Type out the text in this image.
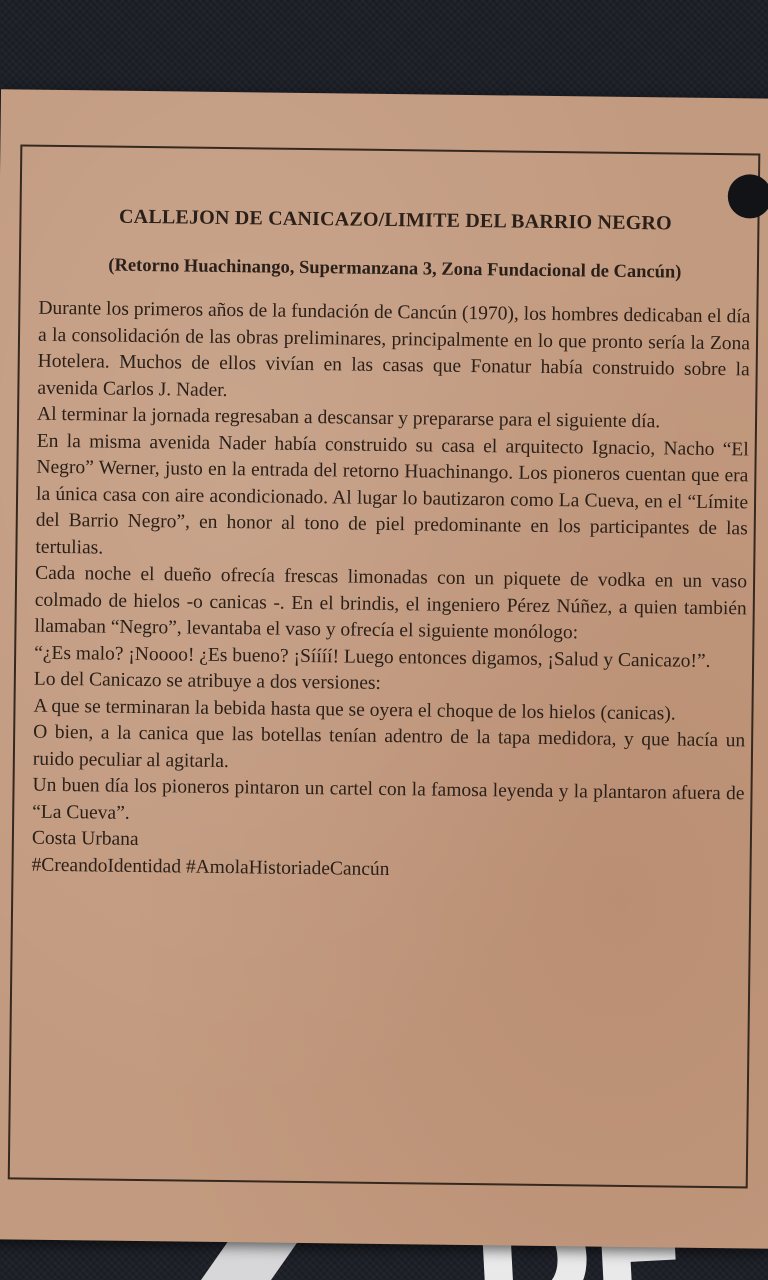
CALLEJON DE CANICAZO/LIMITE DEL BARRIO NEGRO
(Retorno Huachinango, Supermanzana 3, Zona Fundacional de Cancún)

Durante los primeros años de la fundación de Cancún (1970), los hombres dedicaban el día a la consolidación de las obras preliminares, principalmente en lo que pronto sería la Zona Hotelera. Muchos de ellos vivían en las casas que Fonatur había construido sobre la avenida Carlos J. Nader.

Al terminar la jornada regresaban a descansar y prepararse para el siguiente día.

En la misma avenida Nader había construido su casa el arquitecto Ignacio, Nacho “El Negro” Werner, justo en la entrada del retorno Huachinango. Los pioneros cuentan que era la única casa con aire acondicionado. Al lugar lo bautizaron como La Cueva, en el “Límite del Barrio Negro”, en honor al tono de piel predominante en los participantes de las tertulias.

Cada noche el dueño ofrecía frescas limonadas con un piquete de vodka en un vaso colmado de hielos -o canicas -. En el brindis, el ingeniero Pérez Núñez, a quien también llamaban “Negro”, levantaba el vaso y ofrecía el siguiente monólogo:

“¿Es malo? ¡Noooo! ¿Es bueno? ¡Síííí! Luego entonces digamos, ¡Salud y Canicazo!”.

Lo del Canicazo se atribuye a dos versiones:

A que se terminaran la bebida hasta que se oyera el choque de los hielos (canicas).

O bien, a la canica que las botellas tenían adentro de la tapa medidora, y que hacía un ruido peculiar al agitarla.

Un buen día los pioneros pintaron un cartel con la famosa leyenda y la plantaron afuera de “La Cueva”.

Costa Urbana

#CreandoIdentidad #AmolaHistoriadeCancún
